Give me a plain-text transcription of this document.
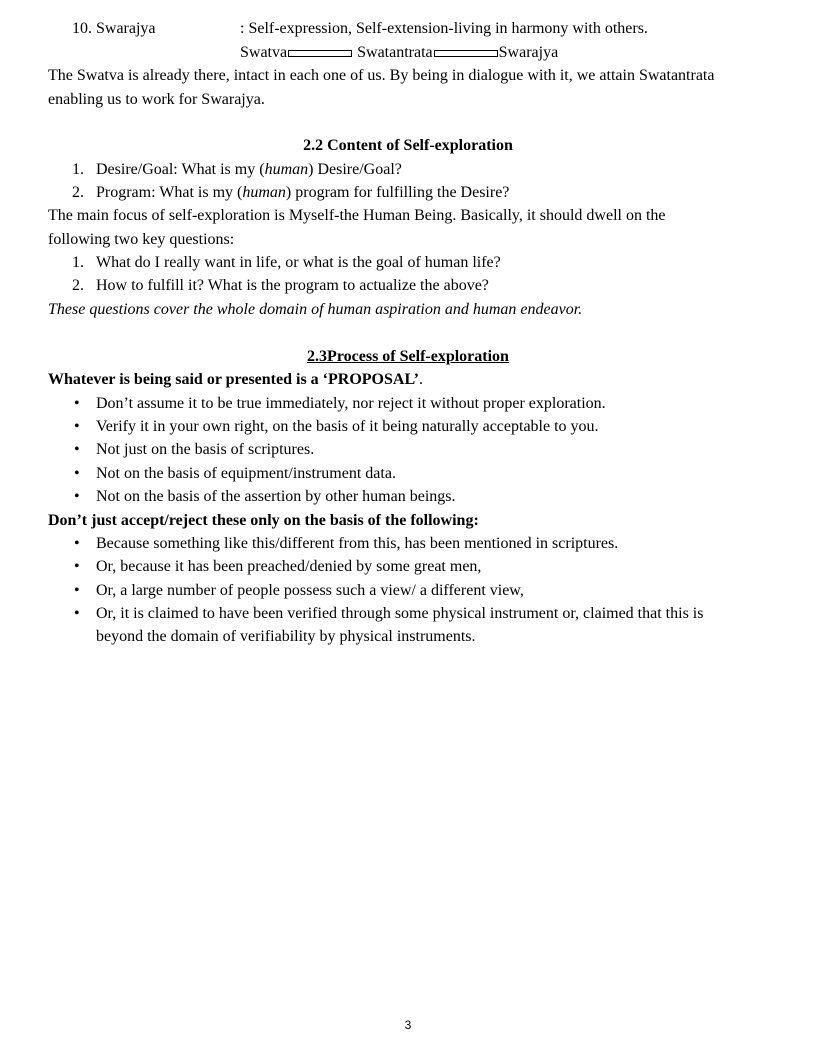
10. Swarajya	: Self-expression, Self-extension-living in harmony with others.
Swatva	Swatantrata	Swarajya
The Swatva is already there, intact in each one of us. By being in dialogue with it, we attain Swatantrata
enabling us to work for Swarajya.
2.2 Content of Self-exploration
1. Desire/Goal: What is my (human) Desire/Goal?
2. Program: What is my (human) program for fulfilling the Desire?
The main focus of self-exploration is Myself-the Human Being. Basically, it should dwell on the
following two key questions:
1. What do I really want in life, or what is the goal of human life?
2. How to fulfill it? What is the program to actualize the above?
These questions cover the whole domain of human aspiration and human endeavor.
2.3Process of Self-exploration
Whatever is being said or presented is a ‘PROPOSAL’.
• Don’t assume it to be true immediately, nor reject it without proper exploration.
• Verify it in your own right, on the basis of it being naturally acceptable to you.
• Not just on the basis of scriptures.
• Not on the basis of equipment/instrument data.
• Not on the basis of the assertion by other human beings.
Don’t just accept/reject these only on the basis of the following:
• Because something like this/different from this, has been mentioned in scriptures.
• Or, because it has been preached/denied by some great men,
• Or, a large number of people possess such a view/ a different view,
• Or, it is claimed to have been verified through some physical instrument or, claimed that this is
beyond the domain of verifiability by physical instruments.
3
